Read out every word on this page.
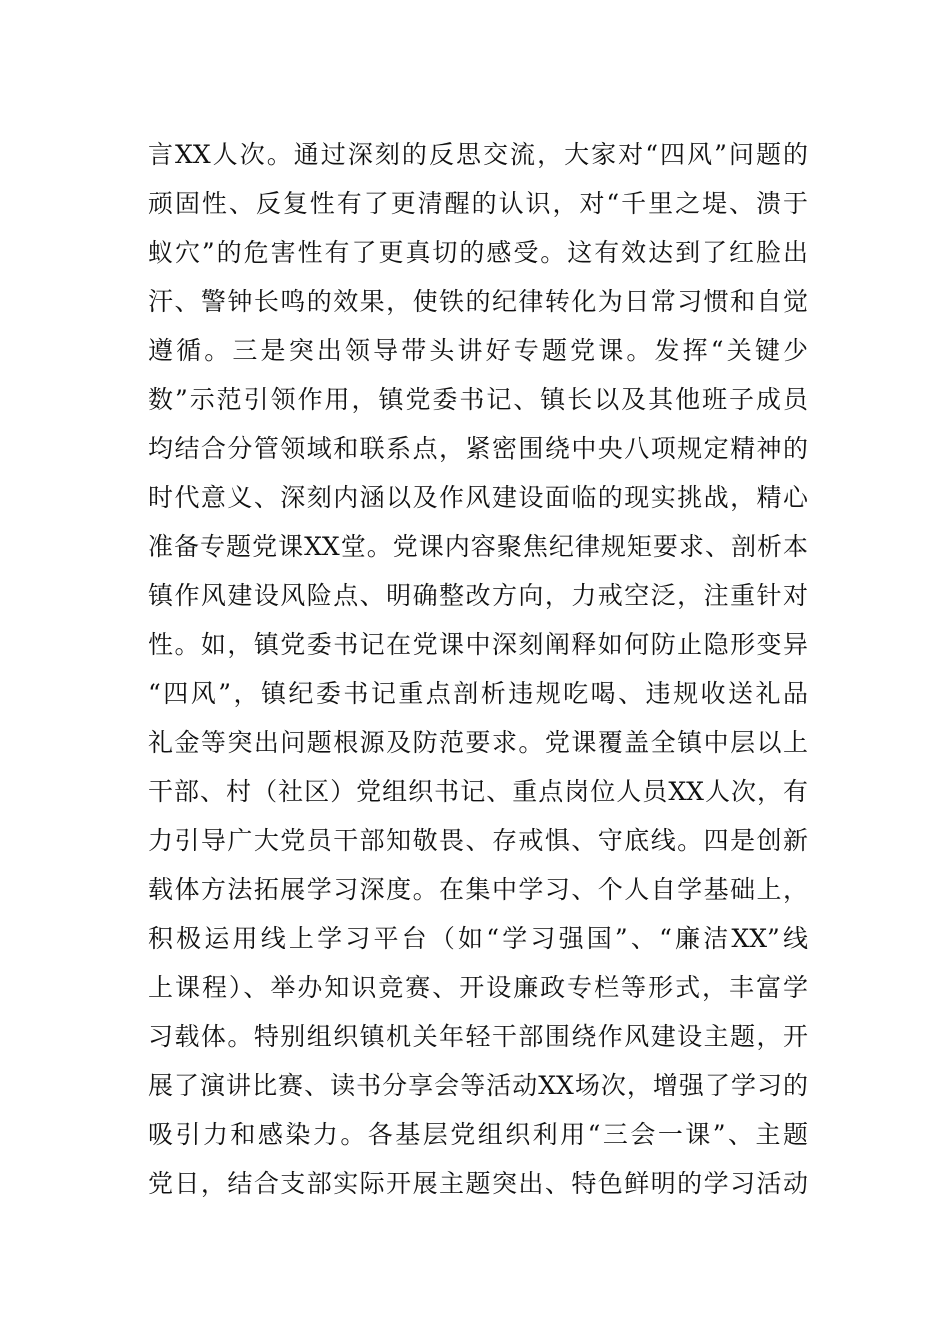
言XX人次。通过深刻的反思交流，大家对“四风”问题的
顽固性、反复性有了更清醒的认识，对“千里之堤、溃于
蚁穴”的危害性有了更真切的感受。这有效达到了红脸出
汗、警钟长鸣的效果，使铁的纪律转化为日常习惯和自觉
遵循。三是突出领导带头讲好专题党课。发挥“关键少
数”示范引领作用，镇党委书记、镇长以及其他班子成员
均结合分管领域和联系点，紧密围绕中央八项规定精神的
时代意义、深刻内涵以及作风建设面临的现实挑战，精心
准备专题党课XX堂。党课内容聚焦纪律规矩要求、剖析本
镇作风建设风险点、明确整改方向，力戒空泛，注重针对
性。如，镇党委书记在党课中深刻阐释如何防止隐形变异
“四风”，镇纪委书记重点剖析违规吃喝、违规收送礼品
礼金等突出问题根源及防范要求。党课覆盖全镇中层以上
干部、村（社区）党组织书记、重点岗位人员XX人次，有
力引导广大党员干部知敬畏、存戒惧、守底线。四是创新
载体方法拓展学习深度。在集中学习、个人自学基础上，
积极运用线上学习平台（如“学习强国”、“廉洁XX”线
上课程）、举办知识竞赛、开设廉政专栏等形式，丰富学
习载体。特别组织镇机关年轻干部围绕作风建设主题，开
展了演讲比赛、读书分享会等活动XX场次，增强了学习的
吸引力和感染力。各基层党组织利用“三会一课”、主题
党日，结合支部实际开展主题突出、特色鲜明的学习活动
